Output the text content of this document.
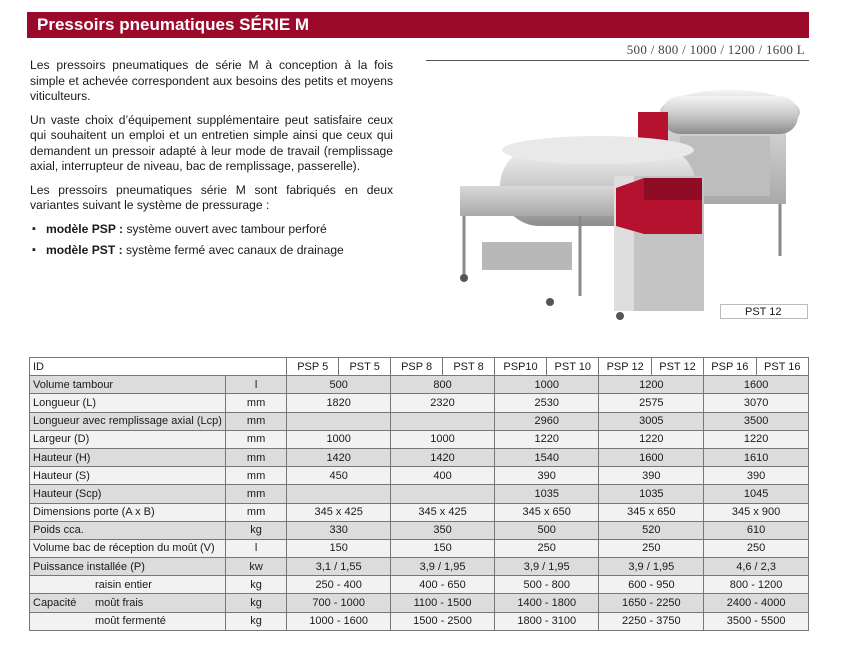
Pressoirs pneumatiques SÉRIE M
500 / 800 / 1000 / 1200 / 1600 L

Les pressoirs pneumatiques de série M à conception à la fois simple et achevée correspondent aux besoins des petits et moyens viticulteurs.

Un vaste choix d’équipement supplémentaire peut satisfaire ceux qui souhaitent un emploi et un entretien simple ainsi que ceux qui demandent un pressoir adapté à leur mode de travail (remplissage axial, interrupteur de niveau, bac de remplissage, passerelle).

Les pressoirs pneumatiques série M sont fabriqués en deux variantes suivant le système de pressurage :

▪ modèle PSP : système ouvert avec tambour perforé
▪ modèle PST : système fermé avec canaux de drainage
PST 12
ID		PSP 5	PST 5	PSP 8	PST 8	PSP10	PST 10	PSP 12	PST 12	PSP 16	PST 16
Volume tambour	l	500		800		1000		1200		1600	
Longueur (L)	mm	1820		2320		2530		2575		3070	
Longueur avec remplissage axial (Lcp)	mm					2960		3005		3500	
Largeur (D)	mm	1000		1000		1220		1220		1220	
Hauteur (H)	mm	1420		1420		1540		1600		1610	
Hauteur (S)	mm	450		400		390		390		390	
Hauteur (Scp)	mm					1035		1035		1045	
Dimensions porte (A x B)	mm	345 x 425		345 x 425		345 x 650		345 x 650		345 x 900	
Poids cca.	kg	330		350		500		520		610	
Volume bac de réception du moût (V)	l	150		150		250		250		250	
Puissance installée (P)	kw	3,1 / 1,55		3,9 / 1,95		3,9 / 1,95		3,9 / 1,95		4,6 / 2,3	

raisin entier	kg	250 - 400		400 - 650		500 - 800		600 - 950		800 - 1200	

Capacité moût frais	kg	700 - 1000		1100 - 1500		1400 - 1800		1650 - 2250		2400 - 4000	

moût fermenté	kg	1000 - 1600		1500 - 2500		1800 - 3100		2250 - 3750		3500 - 5500	
